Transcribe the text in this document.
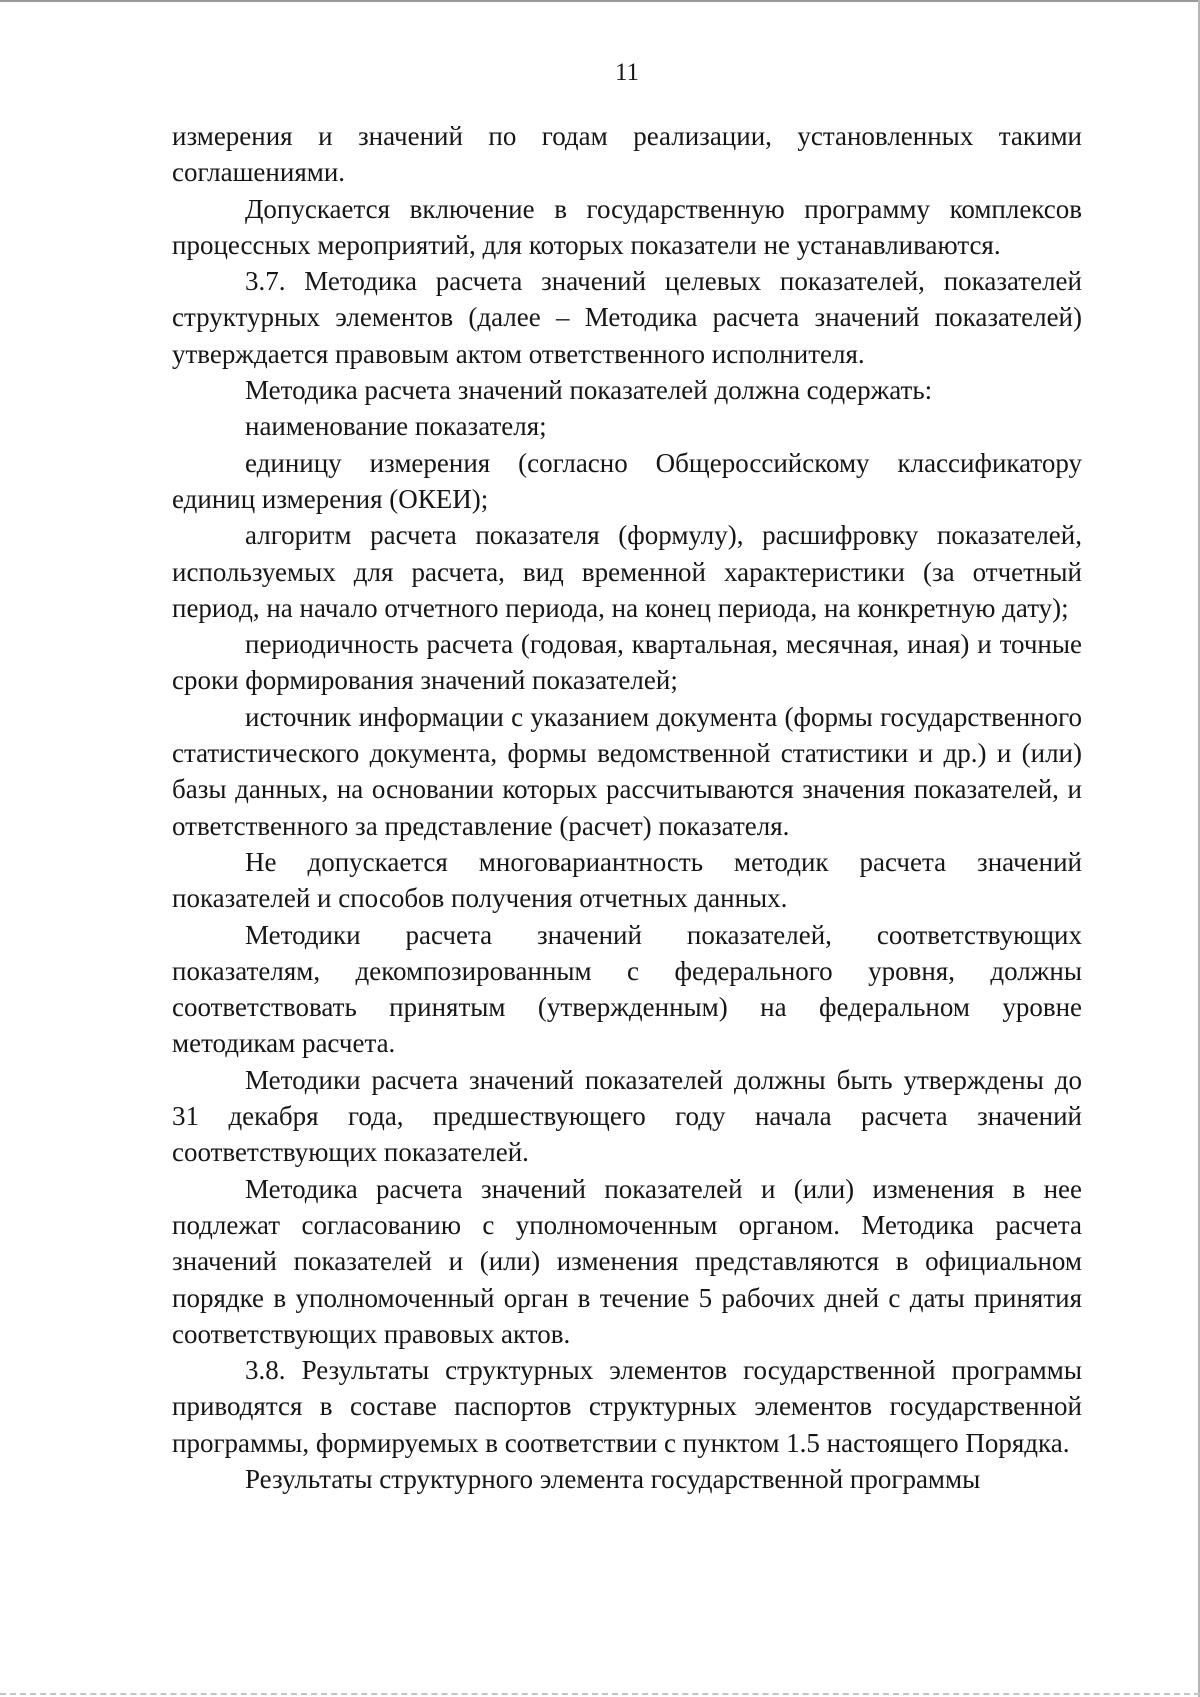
11

измерения и значений по годам реализации, установленных такими соглашениями.

Допускается включение в государственную программу комплексов процессных мероприятий, для которых показатели не устанавливаются.

3.7. Методика расчета значений целевых показателей, показателей структурных элементов (далее – Методика расчета значений показателей) утверждается правовым актом ответственного исполнителя.

Методика расчета значений показателей должна содержать:

наименование показателя;

единицу измерения (согласно Общероссийскому классификатору единиц измерения (ОКЕИ);

алгоритм расчета показателя (формулу), расшифровку показателей, используемых для расчета, вид временной характеристики (за отчетный период, на начало отчетного периода, на конец периода, на конкретную дату);

периодичность расчета (годовая, квартальная, месячная, иная) и точные сроки формирования значений показателей;

источник информации с указанием документа (формы государственного статистического документа, формы ведомственной статистики и др.) и (или) базы данных, на основании которых рассчитываются значения показателей, и ответственного за представление (расчет) показателя.

Не допускается многовариантность методик расчета значений показателей и способов получения отчетных данных.

Методики расчета значений показателей, соответствующих показателям, декомпозированным с федерального уровня, должны соответствовать принятым (утвержденным) на федеральном уровне методикам расчета.

Методики расчета значений показателей должны быть утверждены до 31 декабря года, предшествующего году начала расчета значений соответствующих показателей.

Методика расчета значений показателей и (или) изменения в нее подлежат согласованию с уполномоченным органом. Методика расчета значений показателей и (или) изменения представляются в официальном порядке в уполномоченный орган в течение 5 рабочих дней с даты принятия соответствующих правовых актов.

3.8. Результаты структурных элементов государственной программы приводятся в составе паспортов структурных элементов государственной программы, формируемых в соответствии с пунктом 1.5 настоящего Порядка.

Результаты структурного элемента государственной программы
